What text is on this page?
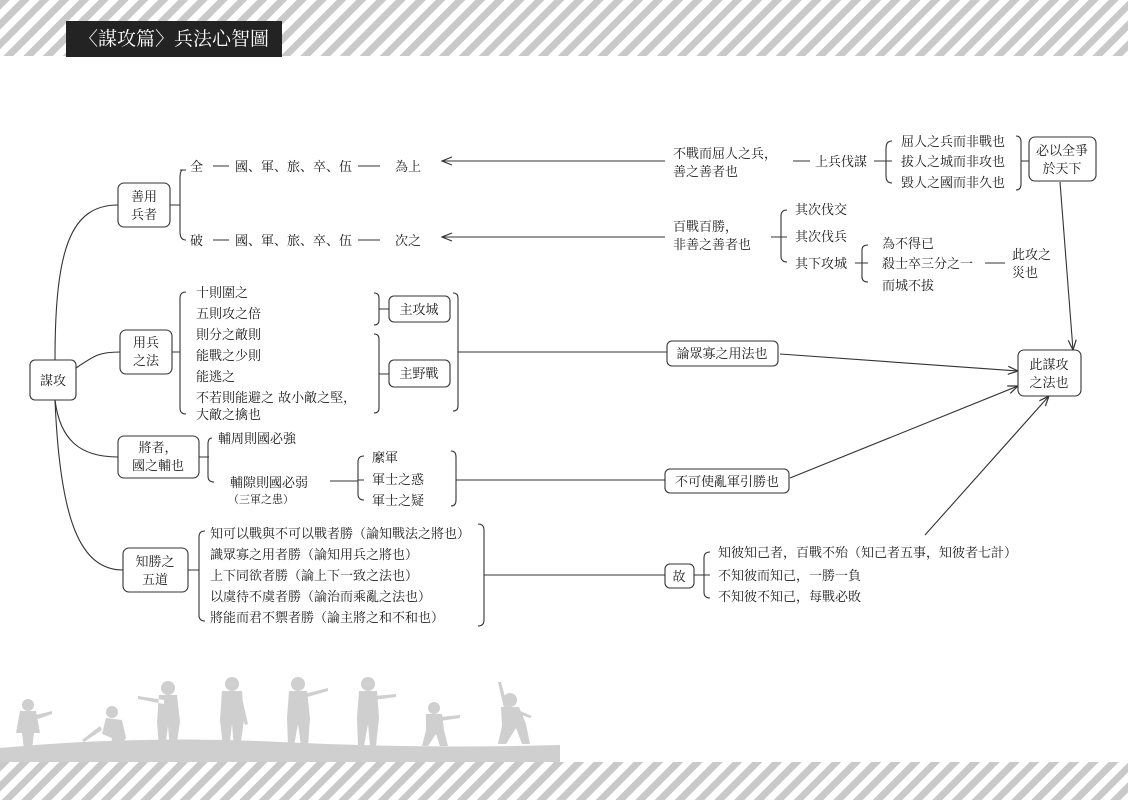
〈謀攻篇〉兵法心智圖
謀攻
善用
兵者
全 國、軍、旅、卒、伍	為上
破 國、軍、旅、卒、伍	次之
不戰而屈人之兵，
善之善者也
上兵伐謀
屈人之兵而非戰也
拔人之城而非攻也
毀人之國而非久也
必以全爭
於天下
百戰百勝，
非善之善者也
其次伐交
其次伐兵
其下攻城
為不得已
殺士卒三分之一
而城不拔
此攻之
災也
用兵
之法
十則圍之
五則攻之倍
則分之敵則
能戰之少則
能逃之
不若則能避之 故小敵之堅，
大敵之擒也
主攻城
主野戰
論眾寡之用法也
此謀攻
之法也
將者，
國之輔也
輔周則國必強
輔隙則國必弱
（三軍之患）
縻軍
軍士之惑
軍士之疑
不可使亂軍引勝也
知勝之
五道
知可以戰與不可以戰者勝（論知戰法之將也）
識眾寡之用者勝（論知用兵之將也）
上下同欲者勝（論上下一致之法也）
以虞待不虞者勝（論治而乘亂之法也）
將能而君不禦者勝（論主將之和不和也）
故
知彼知己者，百戰不殆（知己者五事，知彼者七計）
不知彼而知己，一勝一負
不知彼不知己，每戰必敗
